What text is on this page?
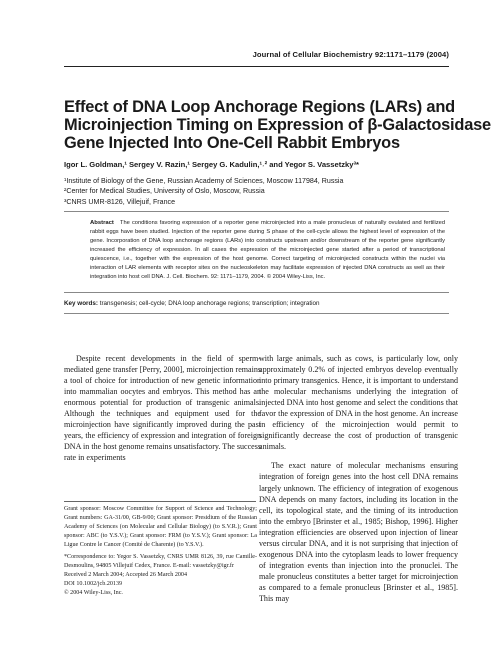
Journal of Cellular Biochemistry 92:1171–1179 (2004)
Effect of DNA Loop Anchorage Regions (LARs) and
Microinjection Timing on Expression of β-Galactosidase
Gene Injected Into One-Cell Rabbit Embryos
Igor L. Goldman,¹ Sergey V. Razin,¹ Sergey G. Kadulin,¹˒² and Yegor S. Vassetzky³*
¹Institute of Biology of the Gene, Russian Academy of Sciences, Moscow 117984, Russia
²Center for Medical Studies, University of Oslo, Moscow, Russia
³CNRS UMR-8126, Villejuif, France
Abstract The conditions favoring expression of a reporter gene microinjected into a male pronucleus of naturally ovulated and fertilized rabbit eggs have been studied. Injection of the reporter gene during S phase of the cell-cycle allows the highest level of expression of the gene. Incorporation of DNA loop anchorage regions (LARs) into constructs upstream and/or downstream of the reporter gene significantly increased the efficiency of expression. In all cases the expression of the microinjected gene started after a period of transcriptional quiescence, i.e., together with the expression of the host genome. Correct targeting of microinjected constructs within the nuclei via interaction of LAR elements with receptor sites on the nucleoskeleton may facilitate expression of injected DNA constructs as well as their integration into host cell DNA. J. Cell. Biochem. 92: 1171–1179, 2004. © 2004 Wiley-Liss, Inc.
Key words: transgenesis; cell-cycle; DNA loop anchorage regions; transcription; integration

Despite recent developments in the field of sperm-mediated gene transfer [Perry, 2000], microinjection remains a tool of choice for introduction of new genetic information into mammalian oocytes and embryos. This method has an enormous potential for production of transgenic animals. Although the techniques and equipment used for the microinjection have significantly improved during the past years, the efficiency of expression and integration of foreign DNA in the host genome remains unsatisfactory. The success rate in experiments

with large animals, such as cows, is particularly low, only approximately 0.2% of injected embryos develop eventually into primary transgenics. Hence, it is important to understand the molecular mechanisms underlying the integration of injected DNA into host genome and select the conditions that favor the expression of DNA in the host genome. An increase in efficiency of the microinjection would permit to significantly decrease the cost of production of transgenic animals.

The exact nature of molecular mechanisms ensuring integration of foreign genes into the host cell DNA remains largely unknown. The efficiency of integration of exogenous DNA depends on many factors, including its location in the cell, its topological state, and the timing of its introduction into the embryo [Brinster et al., 1985; Bishop, 1996]. Higher integration efficiencies are observed upon injection of linear versus circular DNA, and it is not surprising that injection of exogenous DNA into the cytoplasm leads to lower frequency of integration events than injection into the pronuclei. The male pronucleus constitutes a better target for microinjection as compared to a female pronucleus [Brinster et al., 1985]. This may

Grant sponsor: Moscow Committee for Support of Science and Technology; Grant numbers: GA-31/00, GB-9/00; Grant sponsor: Presidium of the Russian Academy of Sciences (on Molecular and Cellular Biology) (to S.V.R.); Grant sponsor: ABC (to Y.S.V.); Grant sponsor: FRM (to Y.S.V.); Grant sponsor: La Ligue Contre le Cancer (Comité de Charente) (to Y.S.V.).
*Correspondence to: Yegor S. Vassetzky, CNRS UMR 8126, 39, rue Camille-Desmoulins, 94805 Villejuif Cedex, France. E-mail: vassetzky@igr.fr
Received 2 March 2004; Accepted 26 March 2004
DOI 10.1002/jcb.20139
© 2004 Wiley-Liss, Inc.
